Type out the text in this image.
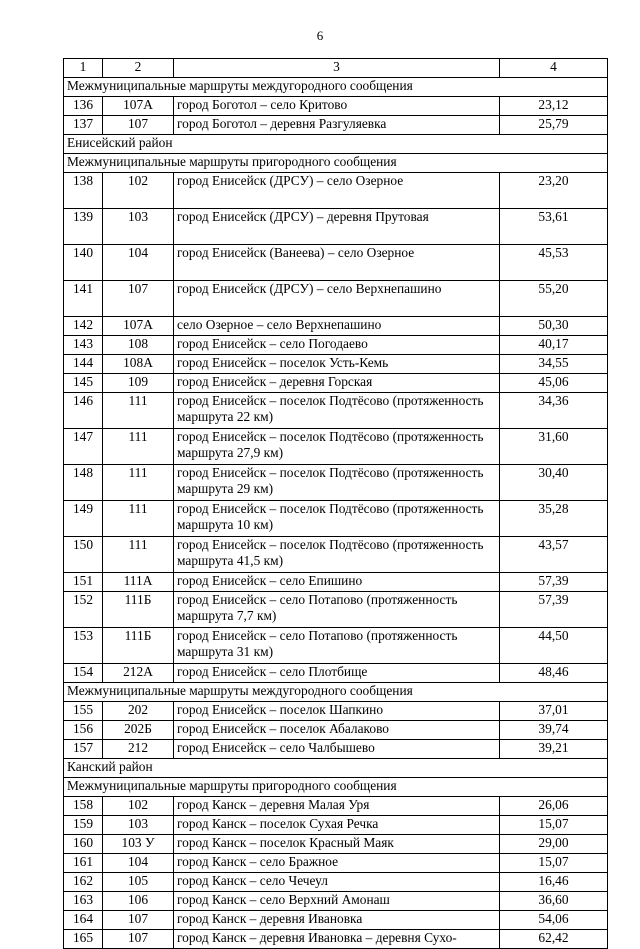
6
1	2	3	4
Межмуниципальные маршруты междугородного сообщения			
136	107А	город Боготол – село Критово	23,12
137	107	город Боготол – деревня Разгуляевка	25,79
Енисейский район			
Межмуниципальные маршруты пригородного сообщения			
138	102	город Енисейск (ДРСУ) – село Озерное	23,20
139	103	город Енисейск (ДРСУ) – деревня Прутовая	53,61
140	104	город Енисейск (Ванеева) – село Озерное	45,53
141	107	город Енисейск (ДРСУ) – село Верхнепашино	55,20
142	107А	село Озерное – село Верхнепашино	50,30
143	108	город Енисейск – село Погодаево	40,17
144	108А	город Енисейск – поселок Усть-Кемь	34,55
145	109	город Енисейск – деревня Горская	45,06
146	111	город Енисейск – поселок Подтёсово (протяженность маршрута 22 км)	34,36
147	111	город Енисейск – поселок Подтёсово (протяженность маршрута 27,9 км)	31,60
148	111	город Енисейск – поселок Подтёсово (протяженность маршрута 29 км)	30,40
149	111	город Енисейск – поселок Подтёсово (протяженность маршрута 10 км)	35,28
150	111	город Енисейск – поселок Подтёсово (протяженность маршрута 41,5 км)	43,57
151	111А	город Енисейск – село Епишино	57,39
152	111Б	город Енисейск – село Потапово (протяженность маршрута 7,7 км)	57,39
153	111Б	город Енисейск – село Потапово (протяженность маршрута 31 км)	44,50
154	212А	город Енисейск – село Плотбище	48,46
Межмуниципальные маршруты междугородного сообщения			
155	202	город Енисейск – поселок Шапкино	37,01
156	202Б	город Енисейск – поселок Абалаково	39,74
157	212	город Енисейск – село Чалбышево	39,21
Канский район			
Межмуниципальные маршруты пригородного сообщения			
158	102	город Канск – деревня Малая Уря	26,06
159	103	город Канск – поселок Сухая Речка	15,07
160	103 У	город Канск – поселок Красный Маяк	29,00
161	104	город Канск – село Бражное	15,07
162	105	город Канск – село Чечеул	16,46
163	106	город Канск – село Верхний Амонаш	36,60
164	107	город Канск – деревня Ивановка	54,06
165	107	город Канск – деревня Ивановка – деревня Сухо-	62,42
